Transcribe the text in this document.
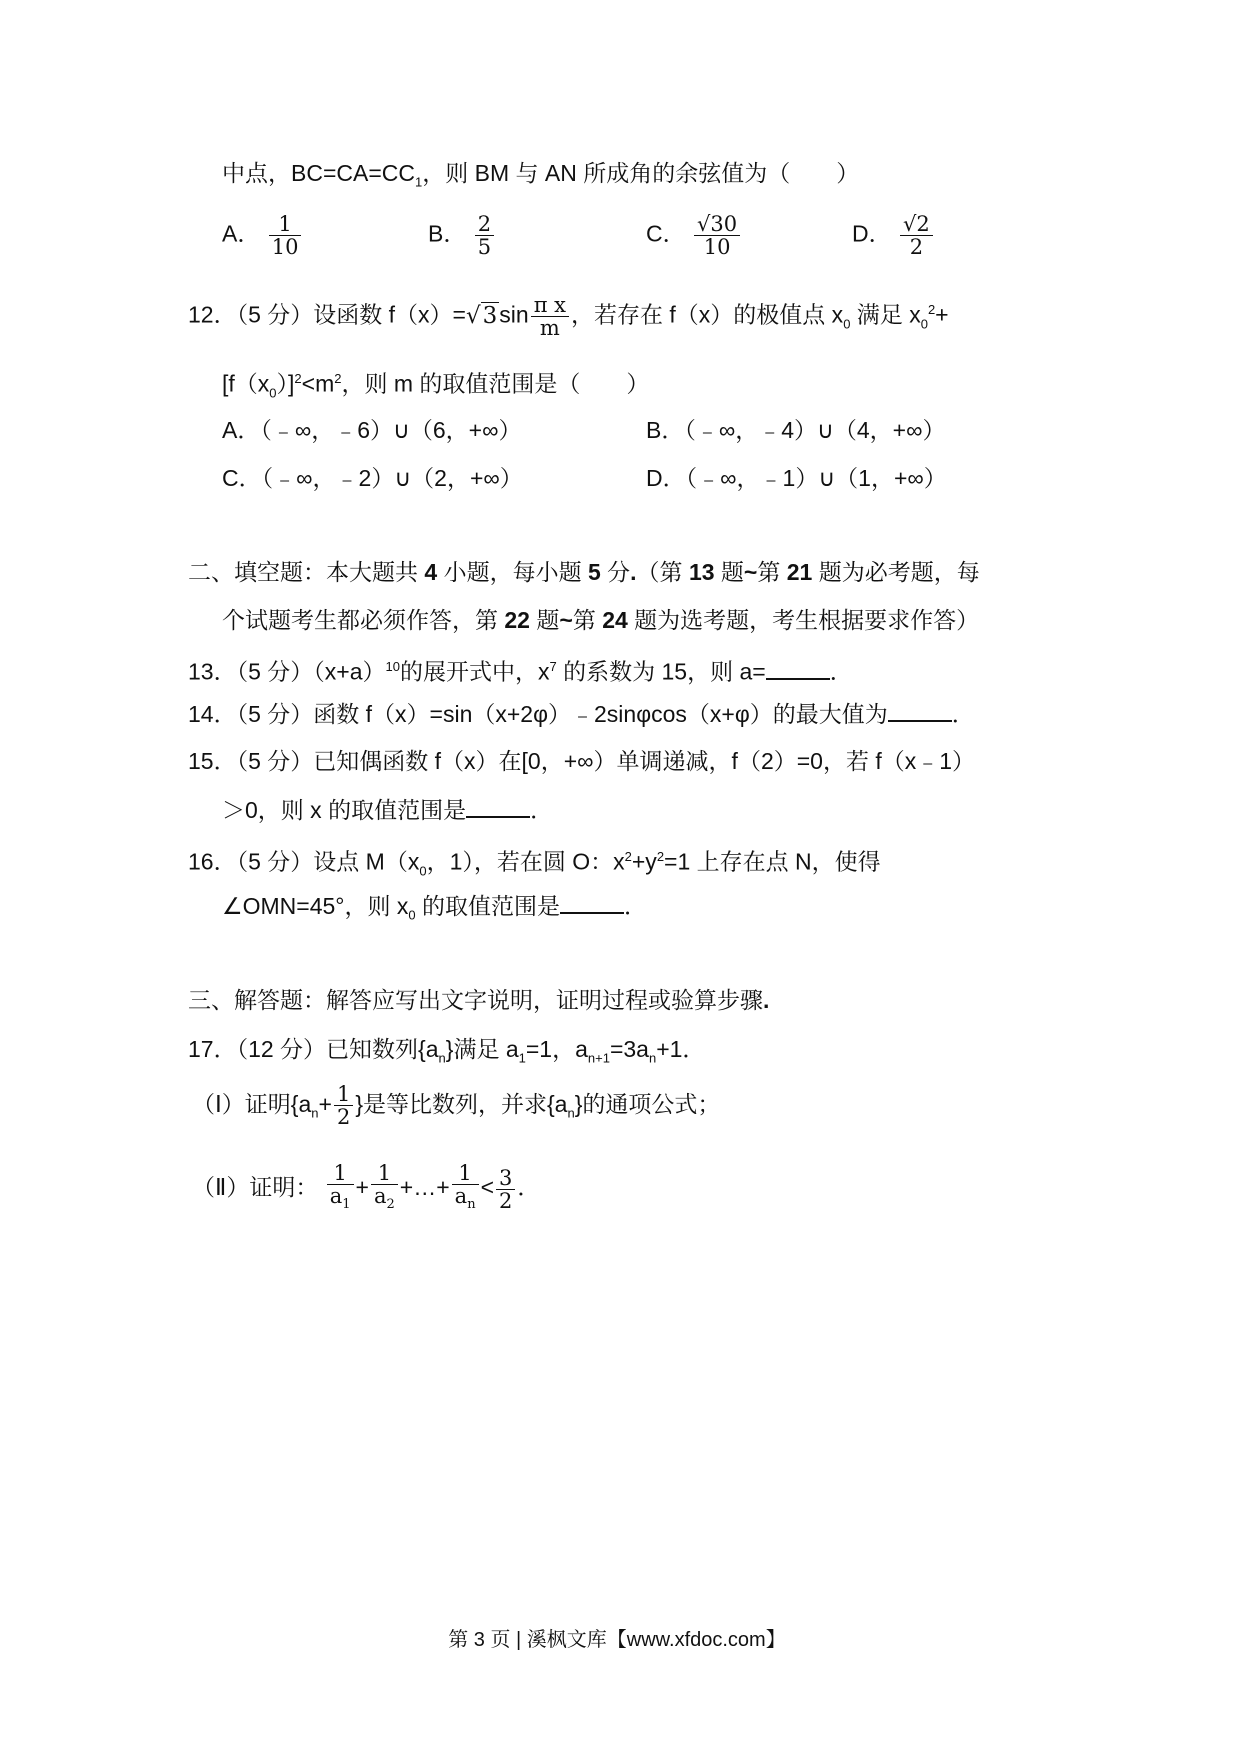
中点，$BC=CA=CC_1$，则 BM 与 AN 所成角的余弦值为（　　）
A． $\frac{1}{10}$	B． $\frac{2}{5}$	C． $\frac{√30}{10}$	D． $\frac{√2}{2}$
12．（5 分）设函数 $f(x)=√3\sin \frac{\text{π x}}{m}$ ，若存在 f（x）的极值点 $x_0$ 满足 $x_0^2+$
$[f(x_0)]^2<m^2$，则 m 的取值范围是（　　）
A．（﹣∞，﹣6）∪（6，+∞）	B．（﹣∞，﹣4）∪（4，+∞）
C．（﹣∞，﹣2）∪（2，+∞）	D．（﹣∞，﹣1）∪（1，+∞）
二、填空题：本大题共 4 小题，每小题 5 分.（第 13 题~第 21 题为必考题，每
个试题考生都必须作答，第 22 题~第 24 题为选考题，考生根据要求作答）
13．（5 分）$(x+a)^{10}$的展开式中，$x^7$ 的系数为 15，则 a=	．
14．（5 分）函数 f（x）=sin（x+2φ）﹣2sinφcos（x+φ）的最大值为	．
15．（5 分）已知偶函数 f（x）在[0，+∞）单调递减，f（2）=0，若 f（x﹣1）
＞0，则 x 的取值范围是	．
16．（5 分）设点 $M(x_0$，1），若在圆 O：$x^2+y^2=1$ 上存在点 N，使得
∠OMN=45°，则 $x_0$ 的取值范围是	．
三、解答题：解答应写出文字说明，证明过程或验算步骤.
17．（12 分）已知数列$\{a_n\}$满足 $a_1=1$，$a_{n+1}=3a_n+1$．
（Ⅰ）证明{$a_n+ \frac{1}{2}$ }是等比数列，并求$\{a_n\}$的通项公式；
（Ⅱ）证明： $\frac{1}{a_1} + \frac{1}{a_2}$ +…+ $\frac{1}{a_n} < \frac{3}{2}$ ．
第 3 页 | 溪枫文库【www.xfdoc.com】
